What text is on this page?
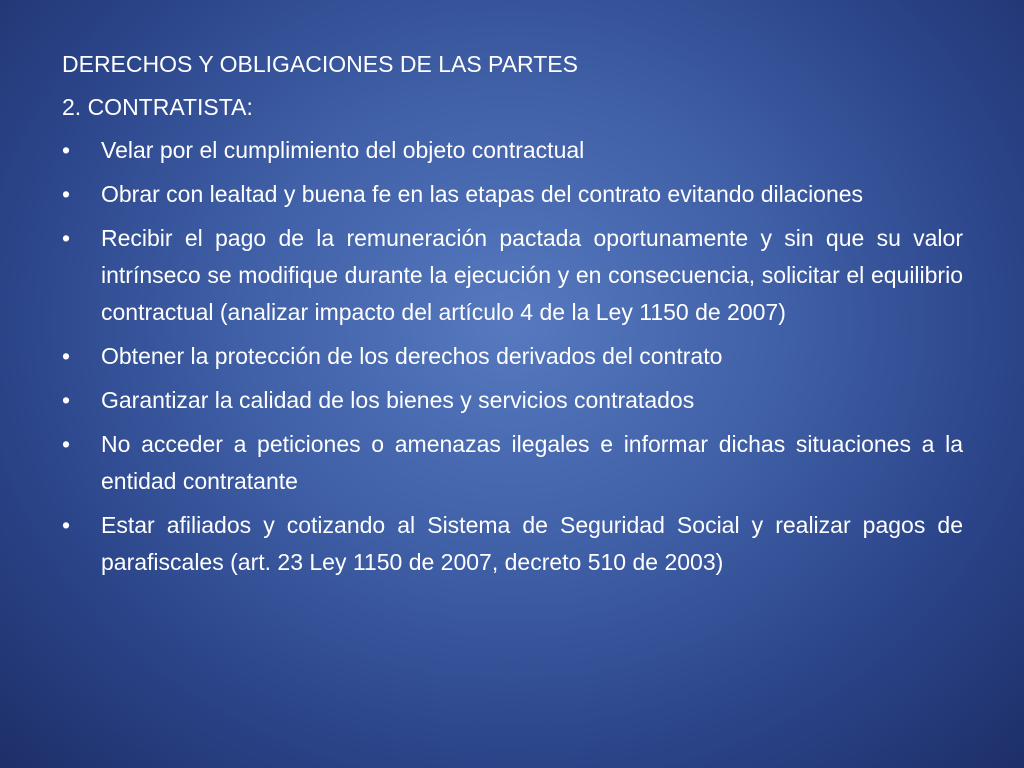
DERECHOS Y OBLIGACIONES DE LAS PARTES

2. CONTRATISTA:

•	Velar por el cumplimiento del objeto contractual
•	Obrar con lealtad y buena fe en las etapas del contrato evitando dilaciones
•	Recibir el pago de la remuneración pactada oportunamente y sin que su valor intrínseco se modifique durante la ejecución y en consecuencia, solicitar el equilibrio contractual (analizar impacto del artículo 4 de la Ley 1150 de 2007)
•	Obtener la protección de los derechos derivados del contrato
•	Garantizar la calidad de los bienes y servicios contratados
•	No acceder a peticiones o amenazas ilegales e informar dichas situaciones a la entidad contratante
•	Estar afiliados y cotizando al Sistema de Seguridad Social y realizar pagos de parafiscales (art. 23 Ley 1150 de 2007, decreto 510 de 2003)
